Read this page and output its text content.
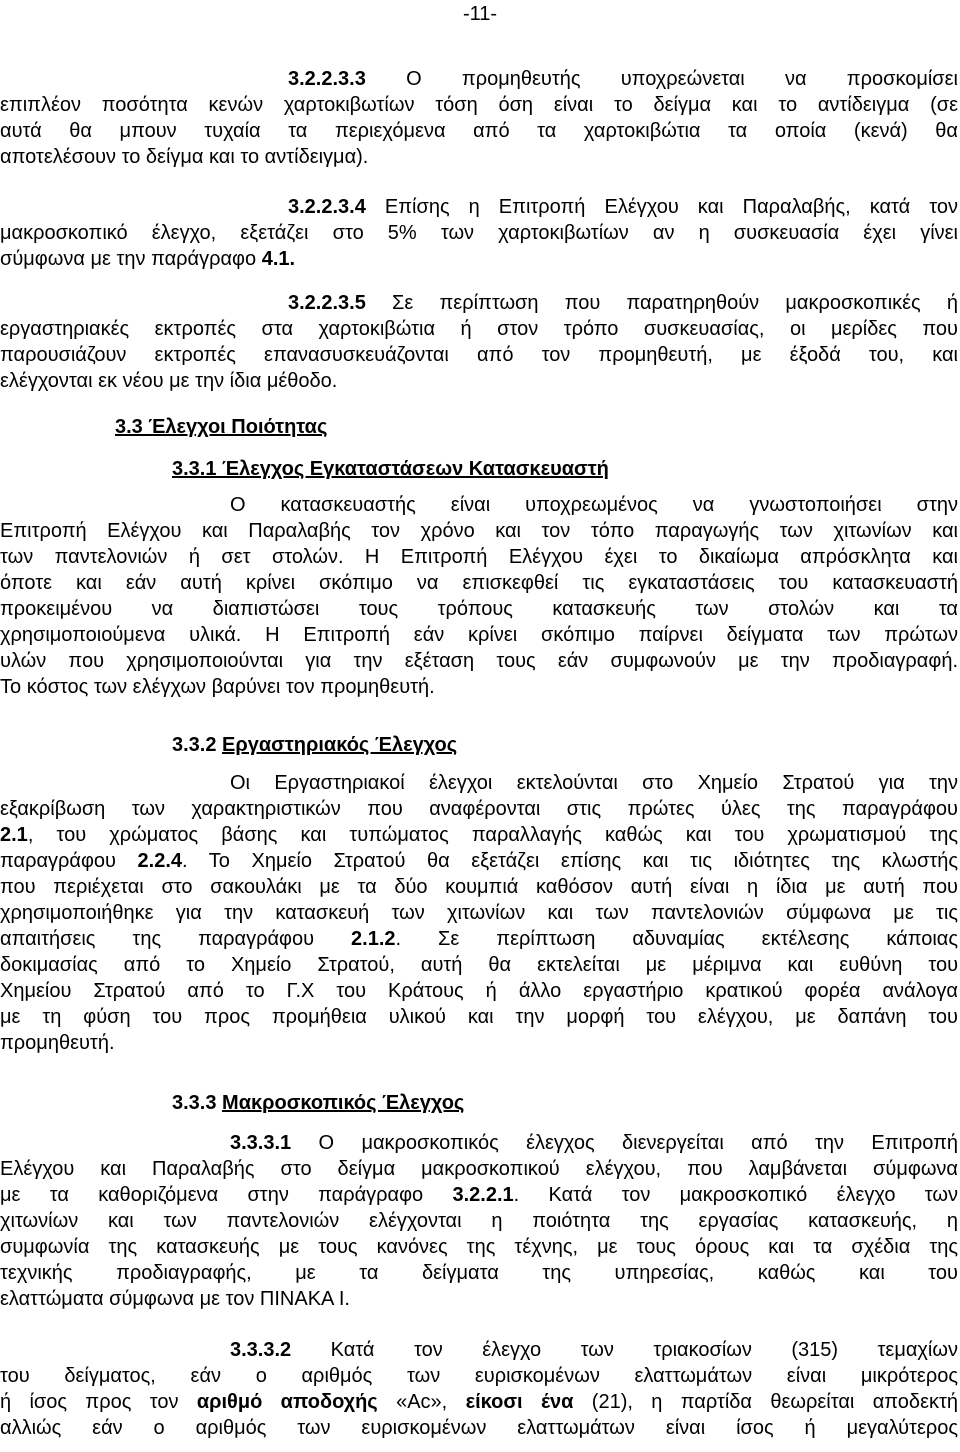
-11-
3.2.2.3.3 Ο προμηθευτής υποχρεώνεται να προσκομίσει
επιπλέον ποσότητα κενών χαρτοκιβωτίων τόση όση είναι το δείγμα και το αντίδειγμα (σε
αυτά θα μπουν τυχαία τα περιεχόμενα από τα χαρτοκιβώτια τα οποία (κενά) θα
αποτελέσουν το δείγμα και το αντίδειγμα).
3.2.2.3.4 Επίσης η Επιτροπή Ελέγχου και Παραλαβής, κατά τον
μακροσκοπικό έλεγχο, εξετάζει στο 5% των χαρτοκιβωτίων αν η συσκευασία έχει γίνει
σύμφωνα με την παράγραφο 4.1.
3.2.2.3.5 Σε περίπτωση που παρατηρηθούν μακροσκοπικές ή
εργαστηριακές εκτροπές στα χαρτοκιβώτια ή στον τρόπο συσκευασίας, οι μερίδες που
παρουσιάζουν εκτροπές επανασυσκευάζονται από τον προμηθευτή, με έξοδά του, και
ελέγχονται εκ νέου με την ίδια μέθοδο.
3.3 Έλεγχοι Ποιότητας
3.3.1 Έλεγχος Εγκαταστάσεων Κατασκευαστή
Ο κατασκευαστής είναι υποχρεωμένος να γνωστοποιήσει στην
Επιτροπή Ελέγχου και Παραλαβής τον χρόνο και τον τόπο παραγωγής των χιτωνίων και
των παντελονιών ή σετ στολών. Η Επιτροπή Ελέγχου έχει το δικαίωμα απρόσκλητα και
όποτε και εάν αυτή κρίνει σκόπιμο να επισκεφθεί τις εγκαταστάσεις του κατασκευαστή
προκειμένου να διαπιστώσει τους τρόπους κατασκευής των στολών και τα
χρησιμοποιούμενα υλικά. Η Επιτροπή εάν κρίνει σκόπιμο παίρνει δείγματα των πρώτων
υλών που χρησιμοποιούνται για την εξέταση τους εάν συμφωνούν με την προδιαγραφή.
Το κόστος των ελέγχων βαρύνει τον προμηθευτή.
3.3.2 Εργαστηριακός Έλεγχος
Οι Εργαστηριακοί έλεγχοι εκτελούνται στο Χημείο Στρατού για την
εξακρίβωση των χαρακτηριστικών που αναφέρονται στις πρώτες ύλες της παραγράφου
2.1, του χρώματος βάσης και τυπώματος παραλλαγής καθώς και του χρωματισμού της
παραγράφου 2.2.4. Το Χημείο Στρατού θα εξετάζει επίσης και τις ιδιότητες της κλωστής
που περιέχεται στο σακουλάκι με τα δύο κουμπιά καθόσον αυτή είναι η ίδια με αυτή που
χρησιμοποιήθηκε για την κατασκευή των χιτωνίων και των παντελονιών σύμφωνα με τις
απαιτήσεις της παραγράφου 2.1.2. Σε περίπτωση αδυναμίας εκτέλεσης κάποιας
δοκιμασίας από το Χημείο Στρατού, αυτή θα εκτελείται με μέριμνα και ευθύνη του
Χημείου Στρατού από το Γ.Χ του Κράτους ή άλλο εργαστήριο κρατικού φορέα ανάλογα
με τη φύση του προς προμήθεια υλικού και την μορφή του ελέγχου, με δαπάνη του
προμηθευτή.
3.3.3 Μακροσκοπικός Έλεγχος
3.3.3.1 Ο μακροσκοπικός έλεγχος διενεργείται από την Επιτροπή
Ελέγχου και Παραλαβής στο δείγμα μακροσκοπικού ελέγχου, που λαμβάνεται σύμφωνα
με τα καθοριζόμενα στην παράγραφο 3.2.2.1. Κατά τον μακροσκοπικό έλεγχο των
χιτωνίων και των παντελονιών ελέγχονται η ποιότητα της εργασίας κατασκευής, η
συμφωνία της κατασκευής με τους κανόνες της τέχνης, με τους όρους και τα σχέδια της
τεχνικής προδιαγραφής, με τα δείγματα της υπηρεσίας, καθώς και του
ελαττώματα σύμφωνα με τον ΠΙΝΑΚΑ Ι.
3.3.3.2 Κατά τον έλεγχο των τριακοσίων (315) τεμαχίων
του δείγματος, εάν ο αριθμός των ευρισκομένων ελαττωμάτων είναι μικρότερος
ή ίσος προς τον αριθμό αποδοχής «Ac», είκοσι ένα (21), η παρτίδα θεωρείται αποδεκτή
αλλιώς εάν ο αριθμός των ευρισκομένων ελαττωμάτων είναι ίσος ή μεγαλύτερος
